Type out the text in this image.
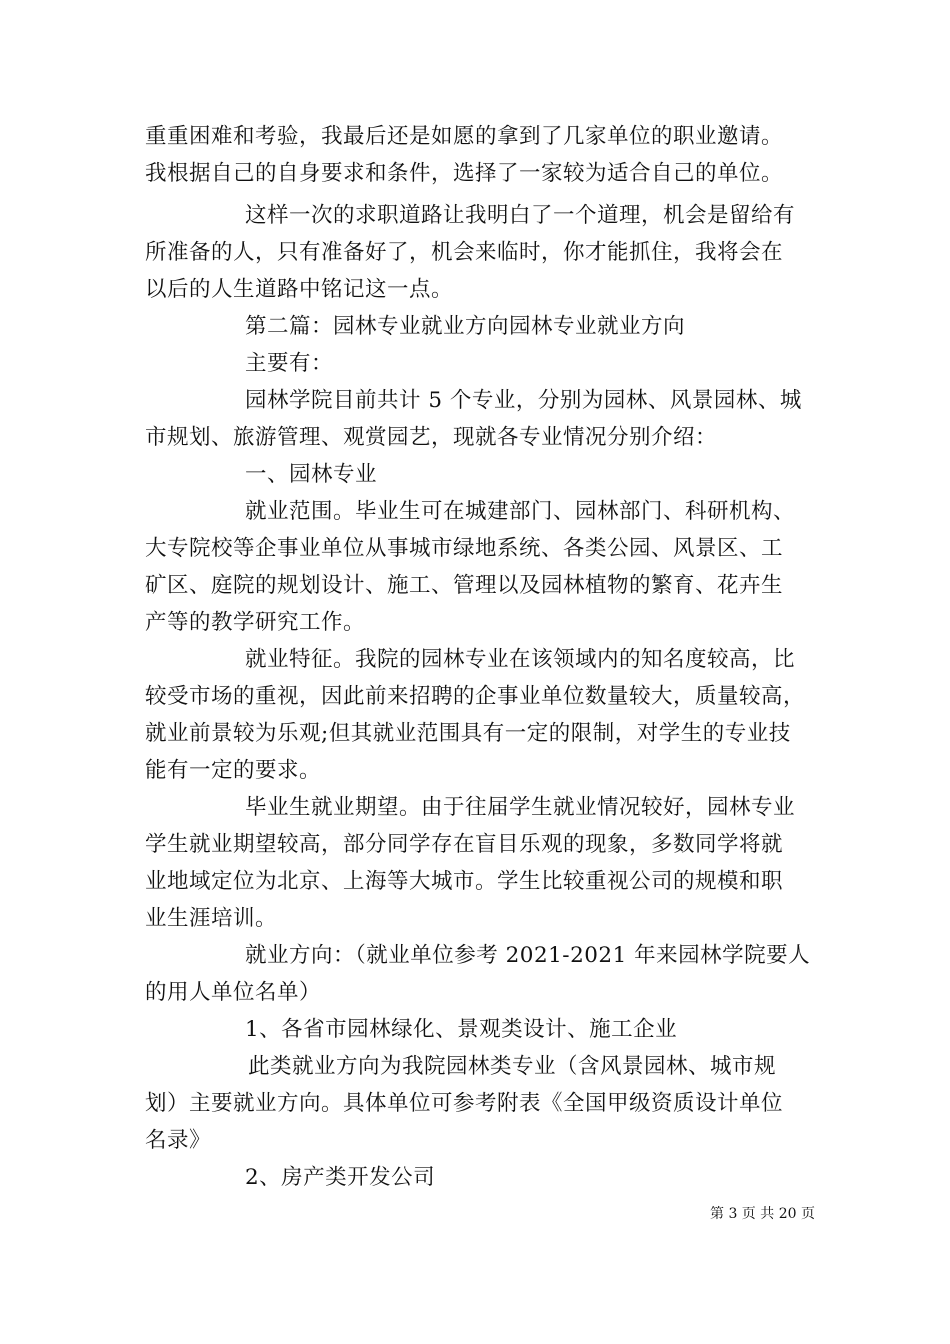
重重困难和考验，我最后还是如愿的拿到了几家单位的职业邀请。
我根据自己的自身要求和条件，选择了一家较为适合自己的单位。
这样一次的求职道路让我明白了一个道理，机会是留给有
所准备的人，只有准备好了，机会来临时，你才能抓住，我将会在
以后的人生道路中铭记这一点。
第二篇：园林专业就业方向园林专业就业方向
主要有：
园林学院目前共计 5 个专业，分别为园林、风景园林、城
市规划、旅游管理、观赏园艺，现就各专业情况分别介绍：
一、园林专业
就业范围。毕业生可在城建部门、园林部门、科研机构、
大专院校等企事业单位从事城市绿地系统、各类公园、风景区、工
矿区、庭院的规划设计、施工、管理以及园林植物的繁育、花卉生
产等的教学研究工作。
就业特征。我院的园林专业在该领域内的知名度较高，比
较受市场的重视，因此前来招聘的企事业单位数量较大，质量较高，
就业前景较为乐观;但其就业范围具有一定的限制，对学生的专业技
能有一定的要求。
毕业生就业期望。由于往届学生就业情况较好，园林专业
学生就业期望较高，部分同学存在盲目乐观的现象，多数同学将就
业地域定位为北京、上海等大城市。学生比较重视公司的规模和职
业生涯培训。
就业方向：（就业单位参考 2021-2021 年来园林学院要人
的用人单位名单）
1、各省市园林绿化、景观类设计、施工企业
此类就业方向为我院园林类专业（含风景园林、城市规
划）主要就业方向。具体单位可参考附表《全国甲级资质设计单位
名录》
2、房产类开发公司
第 3 页 共 20 页
